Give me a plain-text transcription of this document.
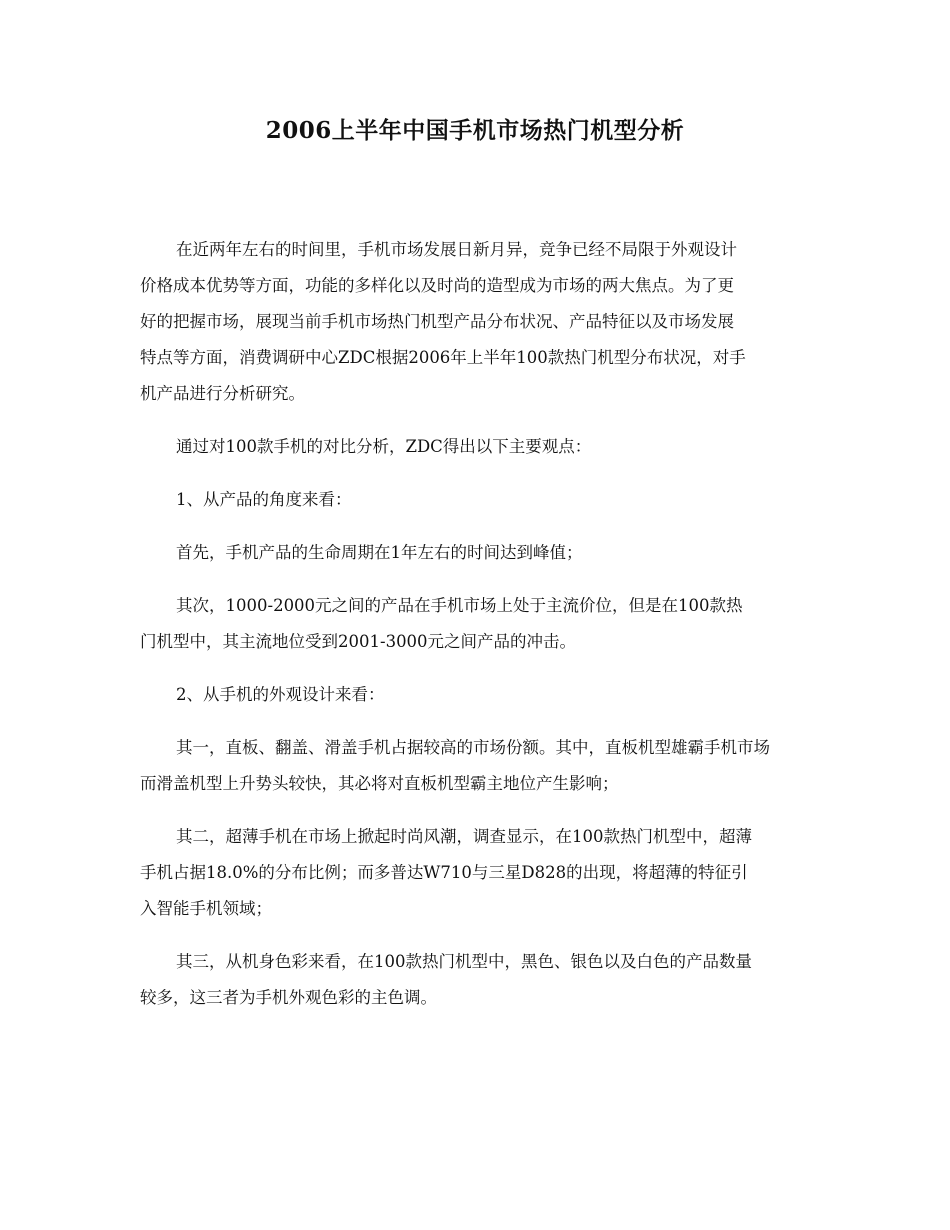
2006上半年中国手机市场热门机型分析
在近两年左右的时间里，手机市场发展日新月异，竞争已经不局限于外观设计
价格成本优势等方面，功能的多样化以及时尚的造型成为市场的两大焦点。为了更
好的把握市场，展现当前手机市场热门机型产品分布状况、产品特征以及市场发展
特点等方面，消费调研中心ZDC根据2006年上半年100款热门机型分布状况，对手
机产品进行分析研究。
通过对100款手机的对比分析，ZDC得出以下主要观点：
1、从产品的角度来看：
首先，手机产品的生命周期在1年左右的时间达到峰值；
其次，1000-2000元之间的产品在手机市场上处于主流价位，但是在100款热
门机型中，其主流地位受到2001-3000元之间产品的冲击。
2、从手机的外观设计来看：
其一，直板、翻盖、滑盖手机占据较高的市场份额。其中，直板机型雄霸手机市场
而滑盖机型上升势头较快，其必将对直板机型霸主地位产生影响；
其二，超薄手机在市场上掀起时尚风潮，调查显示，在100款热门机型中，超薄
手机占据18.0%的分布比例；而多普达W710与三星D828的出现，将超薄的特征引
入智能手机领域；
其三，从机身色彩来看，在100款热门机型中，黑色、银色以及白色的产品数量
较多，这三者为手机外观色彩的主色调。
